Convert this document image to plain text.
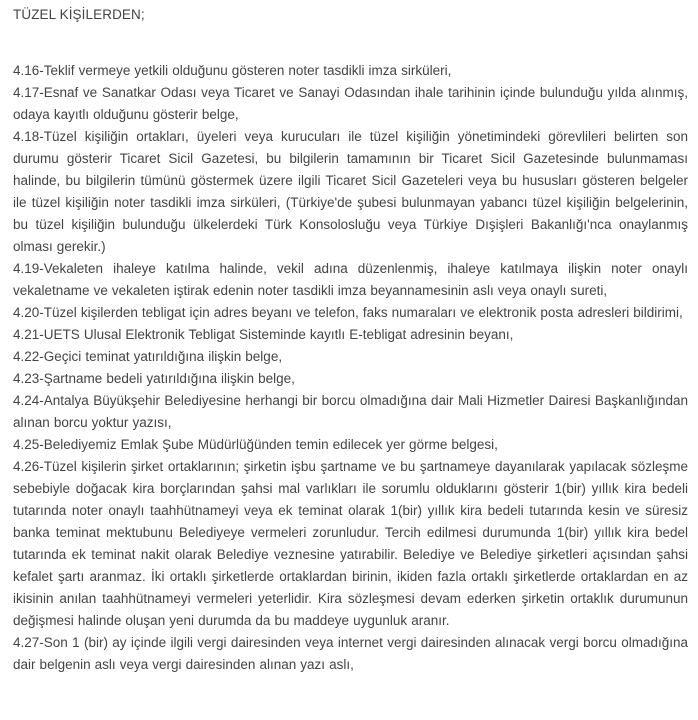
TÜZEL KİŞİLERDEN;

4.16-Teklif vermeye yetkili olduğunu gösteren noter tasdikli imza sirküleri,

4.17-Esnaf ve Sanatkar Odası veya Ticaret ve Sanayi Odasından ihale tarihinin içinde bulunduğu yılda alınmış, odaya kayıtlı olduğunu gösterir belge,

4.18-Tüzel kişiliğin ortakları, üyeleri veya kurucuları ile tüzel kişiliğin yönetimindeki görevlileri belirten son durumu gösterir Ticaret Sicil Gazetesi, bu bilgilerin tamamının bir Ticaret Sicil Gazetesinde bulunmaması halinde, bu bilgilerin tümünü göstermek üzere ilgili Ticaret Sicil Gazeteleri veya bu hususları gösteren belgeler ile tüzel kişiliğin noter tasdikli imza sirküleri, (Türkiye'de şubesi bulunmayan yabancı tüzel kişiliğin belgelerinin, bu tüzel kişiliğin bulunduğu ülkelerdeki Türk Konsolosluğu veya Türkiye Dışişleri Bakanlığı'nca onaylanmış olması gerekir.)

4.19-Vekaleten ihaleye katılma halinde, vekil adına düzenlenmiş, ihaleye katılmaya ilişkin noter onaylı vekaletname ve vekaleten iştirak edenin noter tasdikli imza beyannamesinin aslı veya onaylı sureti,

4.20-Tüzel kişilerden tebligat için adres beyanı ve telefon, faks numaraları ve elektronik posta adresleri bildirimi,

4.21-UETS Ulusal Elektronik Tebligat Sisteminde kayıtlı E-tebligat adresinin beyanı,

4.22-Geçici teminat yatırıldığına ilişkin belge,

4.23-Şartname bedeli yatırıldığına ilişkin belge,

4.24-Antalya Büyükşehir Belediyesine herhangi bir borcu olmadığına dair Mali Hizmetler Dairesi Başkanlığından alınan borcu yoktur yazısı,

4.25-Belediyemiz Emlak Şube Müdürlüğünden temin edilecek yer görme belgesi,

4.26-Tüzel kişilerin şirket ortaklarının; şirketin işbu şartname ve bu şartnameye dayanılarak yapılacak sözleşme sebebiyle doğacak kira borçlarından şahsi mal varlıkları ile sorumlu olduklarını gösterir 1(bir) yıllık kira bedeli tutarında noter onaylı taahhütnameyi veya ek teminat olarak 1(bir) yıllık kira bedeli tutarında kesin ve süresiz banka teminat mektubunu Belediyeye vermeleri zorunludur. Tercih edilmesi durumunda 1(bir) yıllık kira bedel tutarında ek teminat nakit olarak Belediye veznesine yatırabilir. Belediye ve Belediye şirketleri açısından şahsi kefalet şartı aranmaz. İki ortaklı şirketlerde ortaklardan birinin, ikiden fazla ortaklı şirketlerde ortaklardan en az ikisinin anılan taahhütnameyi vermeleri yeterlidir. Kira sözleşmesi devam ederken şirketin ortaklık durumunun değişmesi halinde oluşan yeni durumda da bu maddeye uygunluk aranır.

4.27-Son 1 (bir) ay içinde ilgili vergi dairesinden veya internet vergi dairesinden alınacak vergi borcu olmadığına dair belgenin aslı veya vergi dairesinden alınan yazı aslı,
